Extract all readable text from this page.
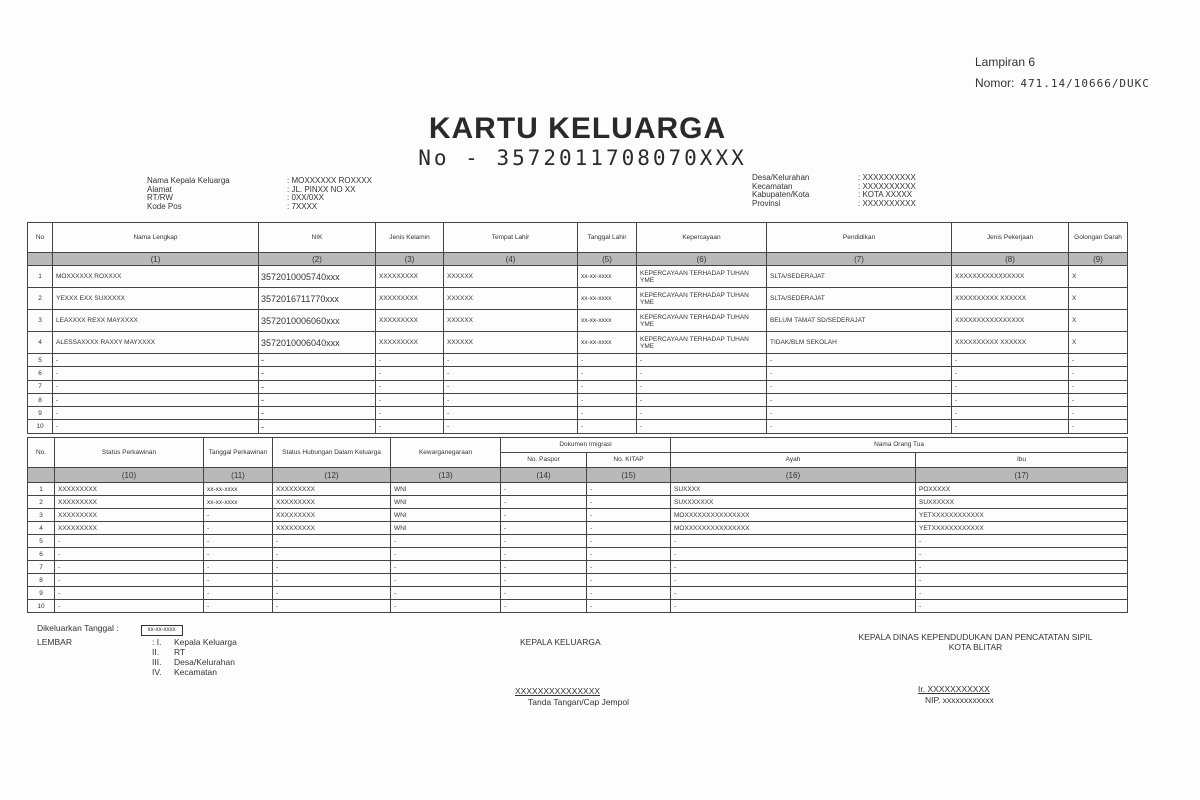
Lampiran 6
Nomor: 471.14/10666/DUKC
KARTU KELUARGA
No - 3572011708070XXX
Nama Kepala Keluarga	: MOXXXXXX ROXXXX
Alamat	: JL. PINXX NO XX
RT/RW	: 0XX/0XX
Kode Pos	: 7XXXX
Desa/Kelurahan	: XXXXXXXXXX
Kecamatan	: XXXXXXXXXX
Kabupaten/Kota	: KOTA XXXXX
Provinsi	: XXXXXXXXXX
No	Nama Lengkap	NIK	Jenis Kelamin	Tempat Lahir	Tanggal Lahir	Kepercayaan	Pendidikan	Jenis Pekerjaan	Golongan Darah
	(1)	(2)	(3)	(4)	(5)	(6)	(7)	(8)	(9)
1	MOXXXXXX ROXXXX	3572010005740xxx	XXXXXXXXX	XXXXXX	xx-xx-xxxx	KEPERCAYAAN TERHADAP TUHAN YME	SLTA/SEDERAJAT	XXXXXXXXXXXXXXXX	X
2	YEXXX EXX SUXXXXX	3572016711770xxx	XXXXXXXXX	XXXXXX	xx-xx-xxxx	KEPERCAYAAN TERHADAP TUHAN YME	SLTA/SEDERAJAT	XXXXXXXXXX XXXXXX	X
3	LEAXXXX REXX MAYXXXX	3572010006060xxx	XXXXXXXXX	XXXXXX	xx-xx-xxxx	KEPERCAYAAN TERHADAP TUHAN YME	BELUM TAMAT SD/SEDERAJAT	XXXXXXXXXXXXXXXX	X
4	ALESSAXXXX RAXXY MAYXXXX	3572010006040xxx	XXXXXXXXX	XXXXXX	xx-xx-xxxx	KEPERCAYAAN TERHADAP TUHAN YME	TIDAK/BLM SEKOLAH	XXXXXXXXXX XXXXXX	X
5	-	-	-	-	-	-	-	-	-
6	-	-	-	-	-	-	-	-	-
7	-	-	-	-	-	-	-	-	-
8	-	-	-	-	-	-	-	-	-
9	-	-	-	-	-	-	-	-	-
10	-	-	-	-	-	-	-	-	-
No.	Status Perkawinan	Tanggal Perkawinan	Status Hubungan Dalam Keluarga	Kewarganegaraan	Dokumen Imigrasi		Nama Orang Tua	
					No. Paspor	No. KITAP	Ayah	Ibu
	(10)	(11)	(12)	(13)	(14)	(15)	(16)	(17)
1	XXXXXXXXX	xx-xx-xxxx	XXXXXXXXX	WNI	-	-	SUXXXX	POXXXXX
2	XXXXXXXXX	xx-xx-xxxx	XXXXXXXXX	WNI	-	-	SUXXXXXXX	SUXXXXXX
3	XXXXXXXXX	-	XXXXXXXXX	WNI	-	-	MOXXXXXXXXXXXXXXX	YETXXXXXXXXXXXX
4	XXXXXXXXX	-	XXXXXXXXX	WNI	-	-	MOXXXXXXXXXXXXXXX	YETXXXXXXXXXXXX
5	-	-	-	-	-	-	-	-
6	-	-	-	-	-	-	-	-
7	-	-	-	-	-	-	-	-
8	-	-	-	-	-	-	-	-
9	-	-	-	-	-	-	-	-
10	-	-	-	-	-	-	-	-
Dikeluarkan Tanggal :	xx-xx-xxxx
LEMBAR	: I. Kepala Keluarga
II. RT
III. Desa/Kelurahan
IV. Kecamatan
KEPALA KELUARGA
XXXXXXXXXXXXXXX
Tanda Tangan/Cap Jempol
KEPALA DINAS KEPENDUDUKAN DAN PENCATATAN SIPIL KOTA BLITAR
Ir. XXXXXXXXXXX
NIP. xxxxxxxxxxxx
